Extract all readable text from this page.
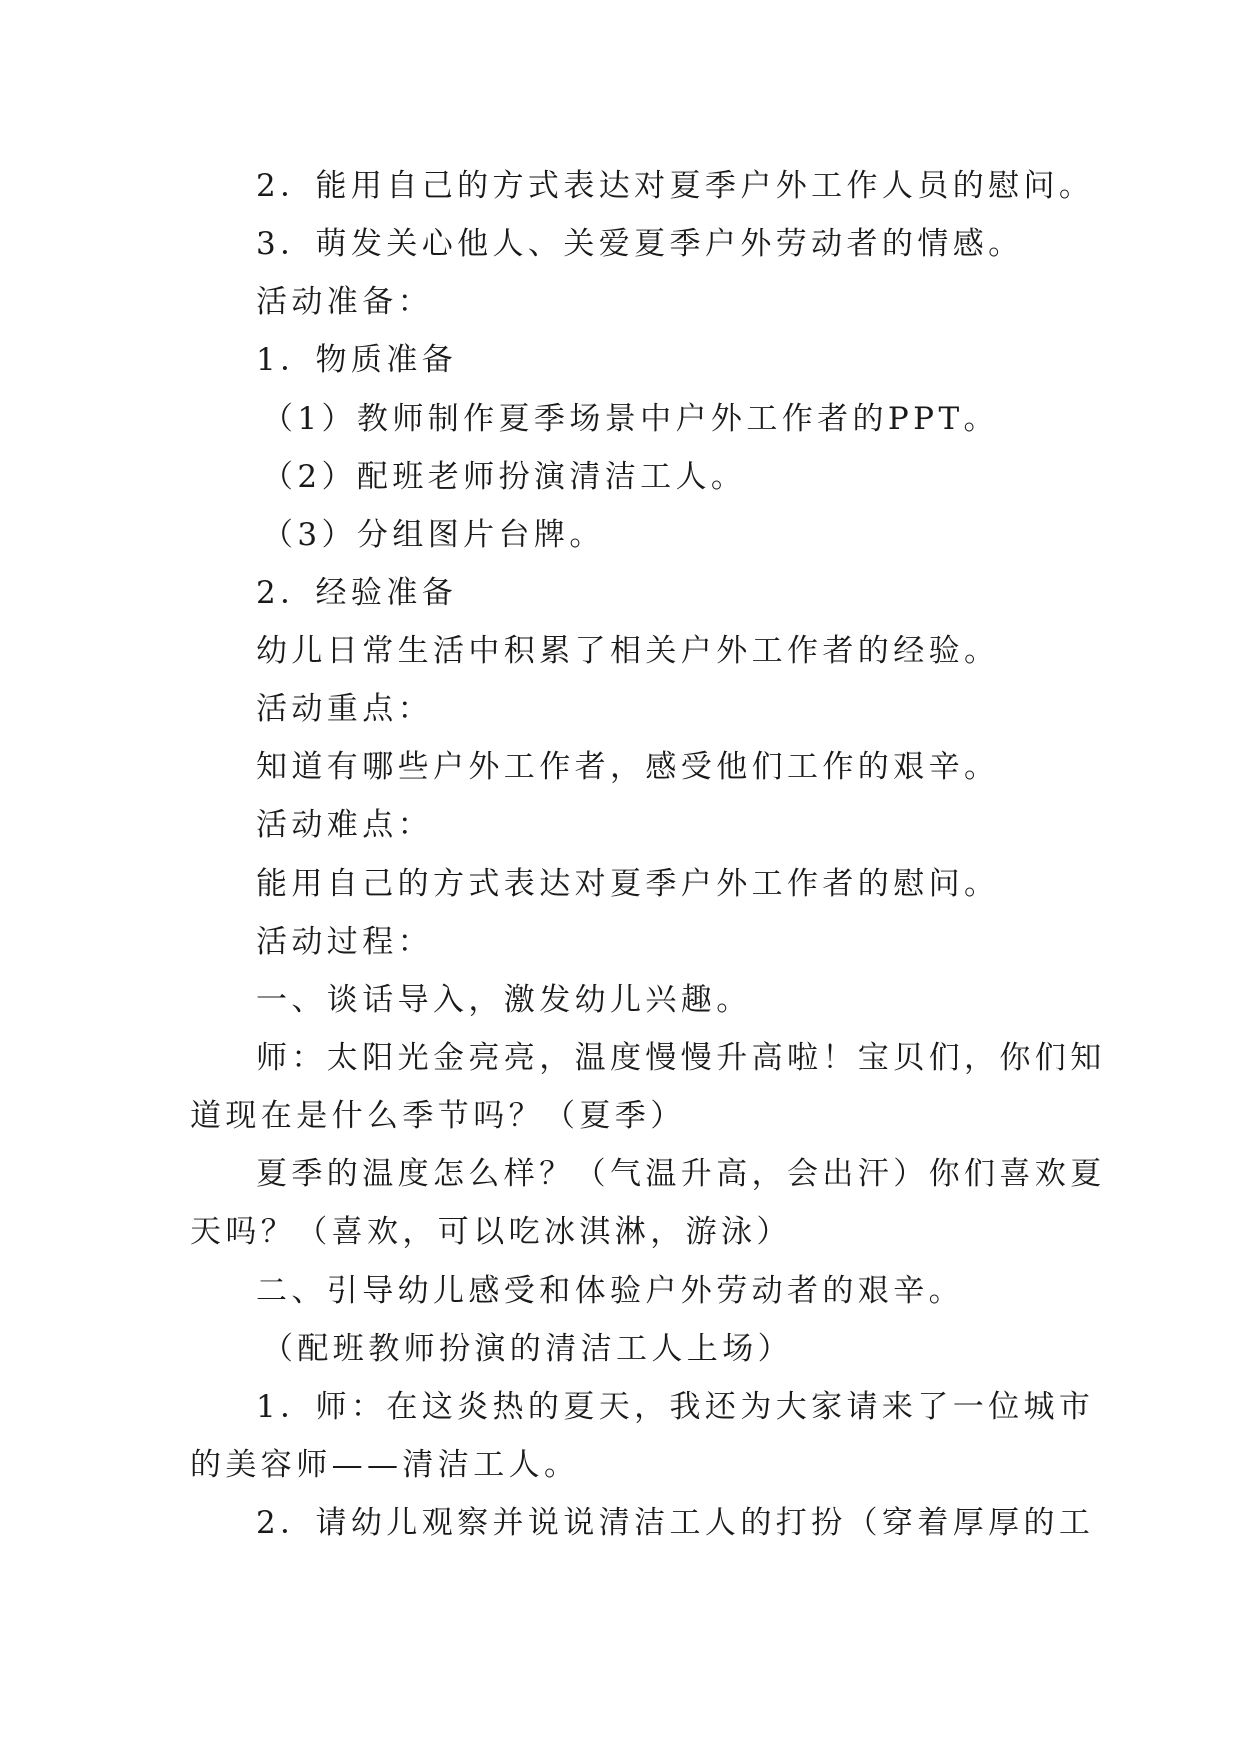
2．能用自己的方式表达对夏季户外工作人员的慰问。
3．萌发关心他人、关爱夏季户外劳动者的情感。
活动准备：
1．物质准备
（1）教师制作夏季场景中户外工作者的PPT。
（2）配班老师扮演清洁工人。
（3）分组图片台牌。
2．经验准备
幼儿日常生活中积累了相关户外工作者的经验。
活动重点：
知道有哪些户外工作者，感受他们工作的艰辛。
活动难点：
能用自己的方式表达对夏季户外工作者的慰问。
活动过程：
一、谈话导入，激发幼儿兴趣。
师：太阳光金亮亮，温度慢慢升高啦！宝贝们，你们知
道现在是什么季节吗？（夏季）
夏季的温度怎么样？（气温升高，会出汗）你们喜欢夏
天吗？（喜欢，可以吃冰淇淋，游泳）
二、引导幼儿感受和体验户外劳动者的艰辛。
（配班教师扮演的清洁工人上场）
1．师：在这炎热的夏天，我还为大家请来了一位城市
的美容师——清洁工人。
2．请幼儿观察并说说清洁工人的打扮（穿着厚厚的工
